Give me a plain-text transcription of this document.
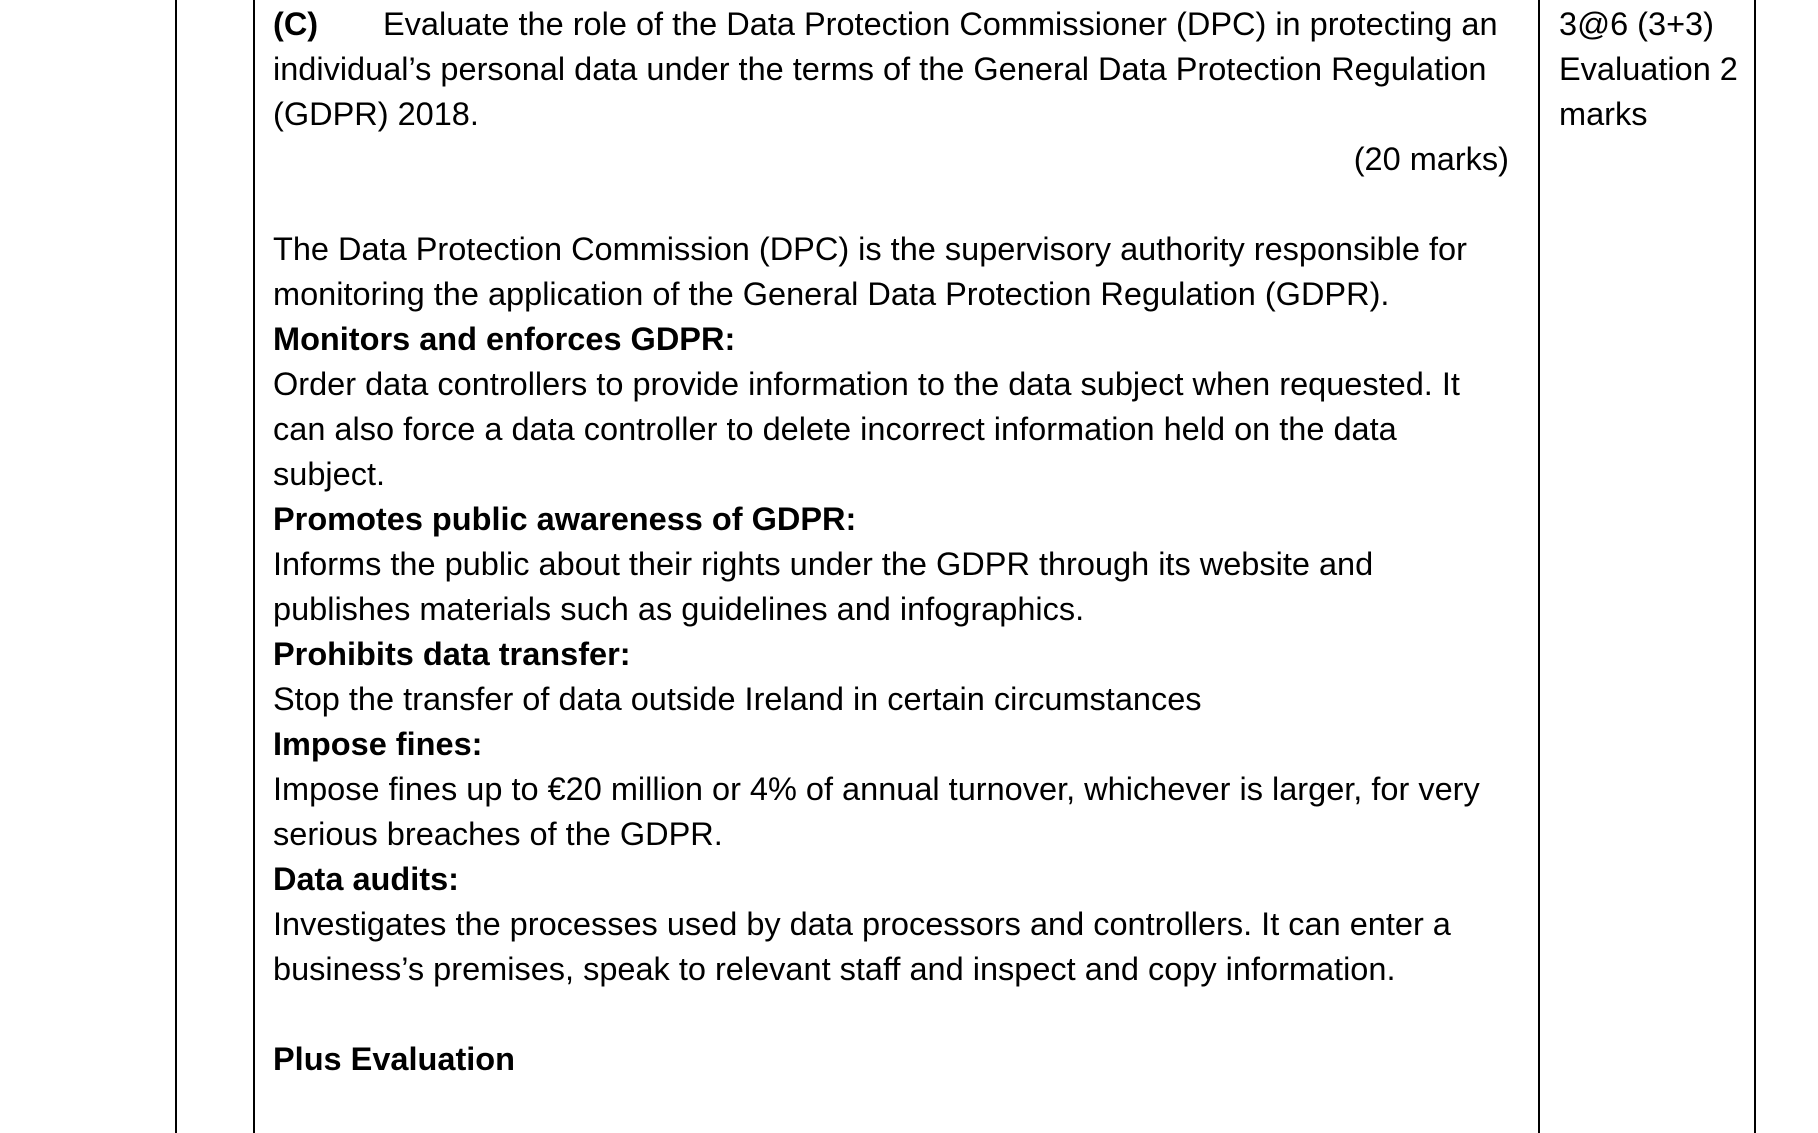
(C) Evaluate the role of the Data Protection Commissioner (DPC) in protecting an individual’s personal data under the terms of the General Data Protection Regulation (GDPR) 2018.
(20 marks)

The Data Protection Commission (DPC) is the supervisory authority responsible for monitoring the application of the General Data Protection Regulation (GDPR).

Monitors and enforces GDPR:

Order data controllers to provide information to the data subject when requested. It can also force a data controller to delete incorrect information held on the data subject.

Promotes public awareness of GDPR:

Informs the public about their rights under the GDPR through its website and publishes materials such as guidelines and infographics.

Prohibits data transfer:

Stop the transfer of data outside Ireland in certain circumstances

Impose fines:

Impose fines up to €20 million or 4% of annual turnover, whichever is larger, for very serious breaches of the GDPR.

Data audits:

Investigates the processes used by data processors and controllers. It can enter a business’s premises, speak to relevant staff and inspect and copy information.

Plus Evaluation
3@6 (3+3)
Evaluation 2 marks
